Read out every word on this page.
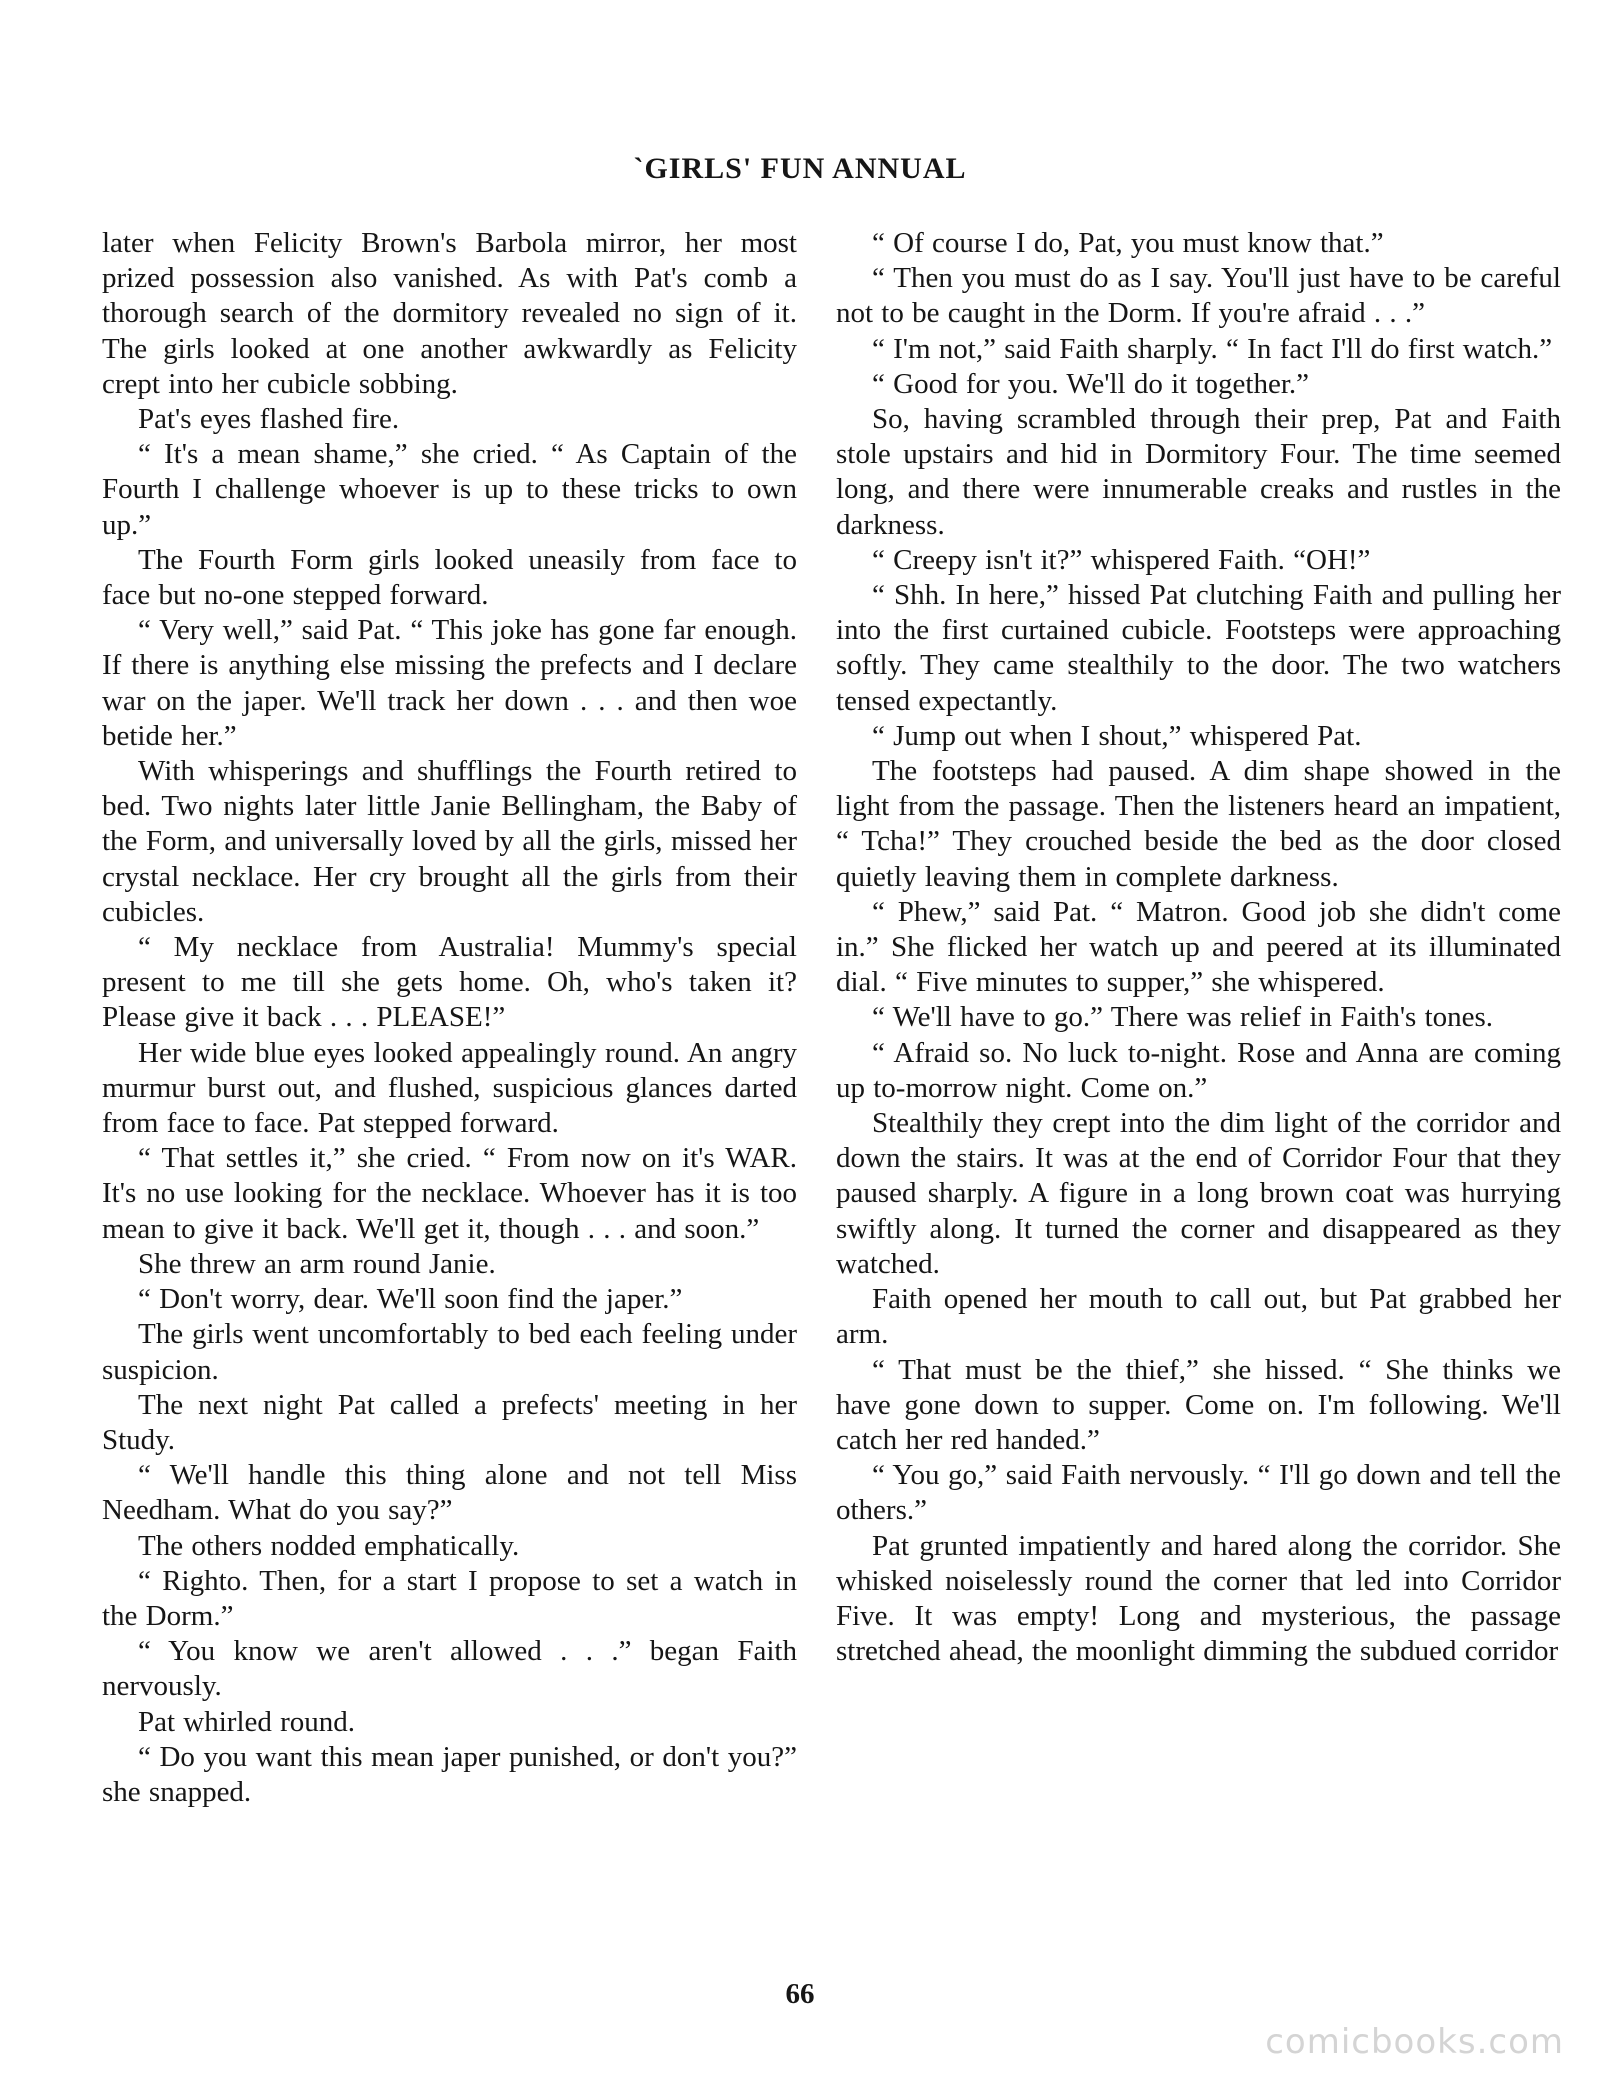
`GIRLS' FUN ANNUAL

later when Felicity Brown's Barbola mirror, her most prized possession also vanished. As with Pat's comb a thorough search of the dormitory revealed no sign of it. The girls looked at one another awkwardly as Felicity crept into her cubicle sobbing.

Pat's eyes flashed fire.

“ It's a mean shame,” she cried. “ As Captain of the Fourth I challenge whoever is up to these tricks to own up.”

The Fourth Form girls looked uneasily from face to face but no-one stepped forward.

“ Very well,” said Pat. “ This joke has gone far enough. If there is anything else missing the prefects and I declare war on the japer. We'll track her down . . . and then woe betide her.”

With whisperings and shufflings the Fourth retired to bed. Two nights later little Janie Bellingham, the Baby of the Form, and universally loved by all the girls, missed her crystal necklace. Her cry brought all the girls from their cubicles.

“ My necklace from Australia! Mummy's special present to me till she gets home. Oh, who's taken it? Please give it back . . . PLEASE!”

Her wide blue eyes looked appealingly round. An angry murmur burst out, and flushed, suspicious glances darted from face to face. Pat stepped forward.

“ That settles it,” she cried. “ From now on it's WAR. It's no use looking for the necklace. Whoever has it is too mean to give it back. We'll get it, though . . . and soon.”

She threw an arm round Janie.

“ Don't worry, dear. We'll soon find the japer.”

The girls went uncomfortably to bed each feeling under suspicion.

The next night Pat called a prefects' meeting in her Study.

“ We'll handle this thing alone and not tell Miss Needham. What do you say?”

The others nodded emphatically.

“ Righto. Then, for a start I propose to set a watch in the Dorm.”

“ You know we aren't allowed . . .” began Faith nervously.

Pat whirled round.

“ Do you want this mean japer punished, or don't you?” she snapped.

“ Of course I do, Pat, you must know that.”

“ Then you must do as I say. You'll just have to be careful not to be caught in the Dorm. If you're afraid . . .”

“ I'm not,” said Faith sharply. “ In fact I'll do first watch.”

“ Good for you. We'll do it together.”

So, having scrambled through their prep, Pat and Faith stole upstairs and hid in Dormitory Four. The time seemed long, and there were innumerable creaks and rustles in the darkness.

“ Creepy isn't it?” whispered Faith. “OH!”

“ Shh. In here,” hissed Pat clutching Faith and pulling her into the first curtained cubicle. Footsteps were approaching softly. They came stealthily to the door. The two watchers tensed expectantly.

“ Jump out when I shout,” whispered Pat.

The footsteps had paused. A dim shape showed in the light from the passage. Then the listeners heard an impatient, “ Tcha!” They crouched beside the bed as the door closed quietly leaving them in complete darkness.

“ Phew,” said Pat. “ Matron. Good job she didn't come in.” She flicked her watch up and peered at its illuminated dial. “ Five minutes to supper,” she whispered.

“ We'll have to go.” There was relief in Faith's tones.

“ Afraid so. No luck to-night. Rose and Anna are coming up to-morrow night. Come on.”

Stealthily they crept into the dim light of the corridor and down the stairs. It was at the end of Corridor Four that they paused sharply. A figure in a long brown coat was hurrying swiftly along. It turned the corner and disappeared as they watched.

Faith opened her mouth to call out, but Pat grabbed her arm.

“ That must be the thief,” she hissed. “ She thinks we have gone down to supper. Come on. I'm following. We'll catch her red handed.”

“ You go,” said Faith nervously. “ I'll go down and tell the others.”

Pat grunted impatiently and hared along the corridor. She whisked noiselessly round the corner that led into Corridor Five. It was empty! Long and mysterious, the passage stretched ahead, the moonlight dimming the subdued corridor

66
comicbooks.com
